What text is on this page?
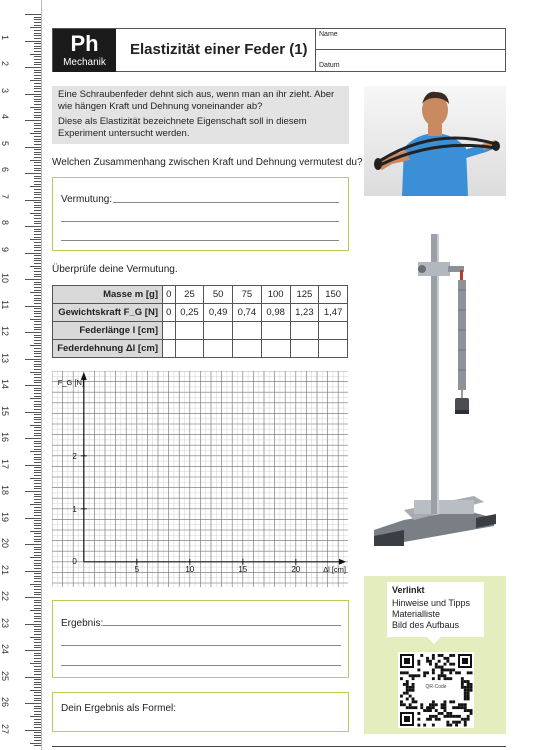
1
2
3
4
5
6
7
8
9
10
11
12
13
14
15
16
17
18
19
20
21
22
23
24
25
26
27
Ph
Mechanik
Elastizität einer Feder (1)
Name
Datum

Eine Schraubenfeder dehnt sich aus, wenn man an ihr zieht. Aber wie hängen Kraft und Dehnung voneinander ab?

Diese als Elastizität bezeichnete Eigenschaft soll in diesem Experiment untersucht werden.

Welchen Zusammenhang zwischen Kraft und Dehnung vermutest du?
Vermutung:
Überprüfe deine Vermutung.
Masse m [g]	0	25	50	75	100	125	150
Gewichtskraft F_G [N]	0	0,25	0,49	0,74	0,98	1,23	1,47
Federlänge l [cm]							
Federdehnung Δl [cm]							
1
2
5	10	15	20
0
F_G [N]
Δl [cm]
Ergebnis:
Dein Ergebnis als Formel:
Verlinkt
Hinweise und Tipps
Materialliste
Bild des Aufbaus
QR-Code
